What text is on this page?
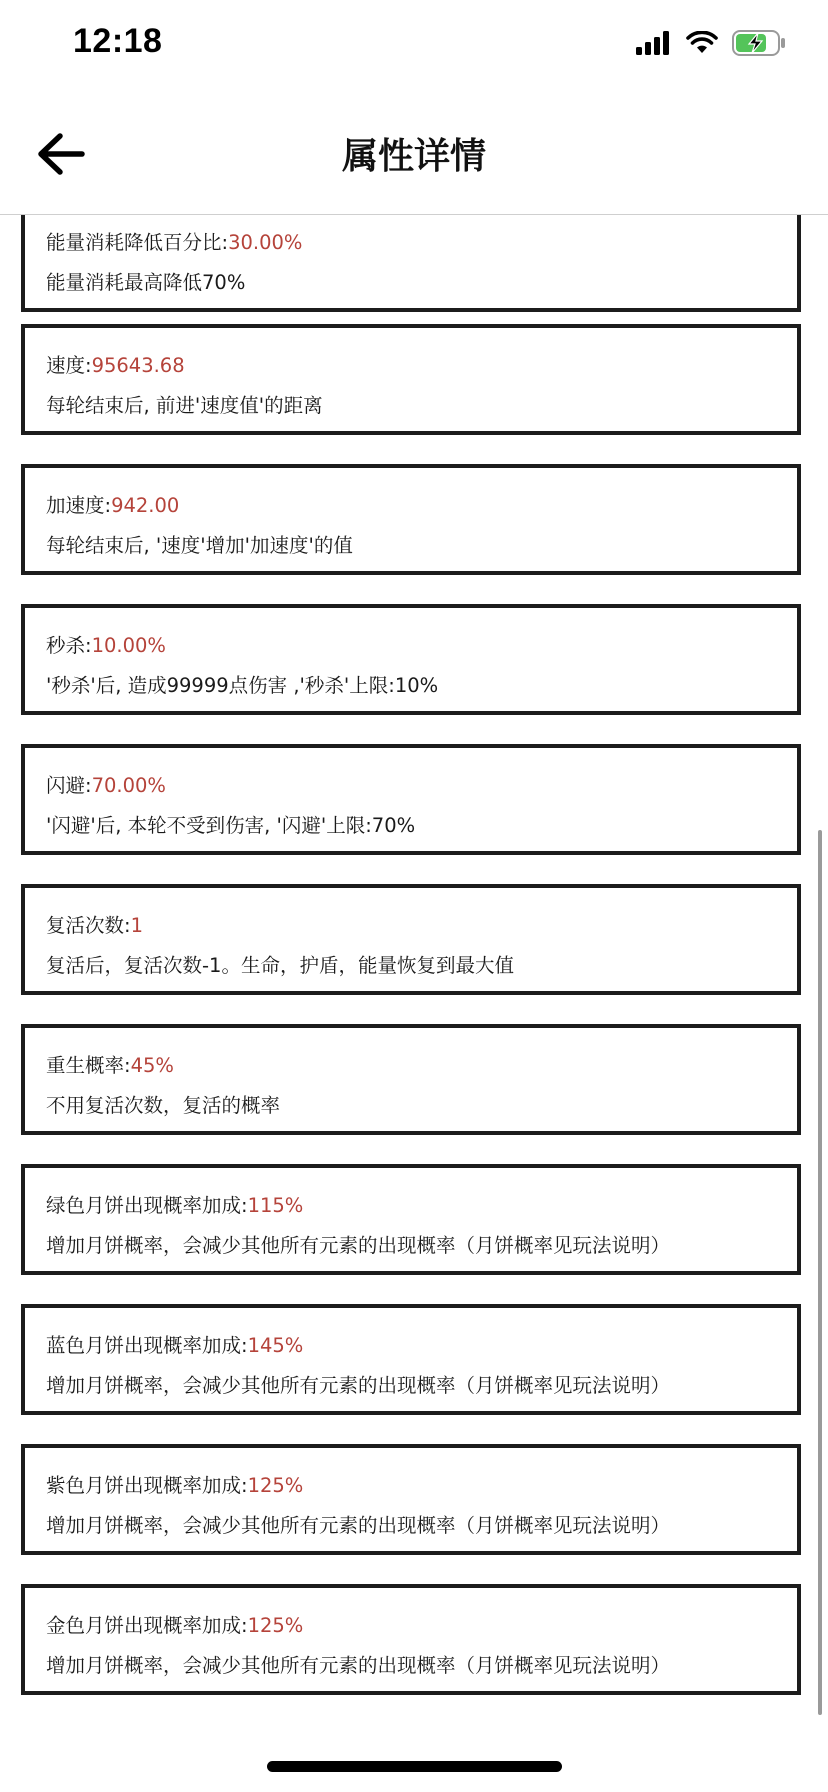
12:18
属性详情
能量消耗降低百分比:30.00%
能量消耗最高降低70%
速度:95643.68
每轮结束后, 前进'速度值'的距离
加速度:942.00
每轮结束后, '速度'增加'加速度'的值
秒杀:10.00%
'秒杀'后, 造成99999点伤害 ,'秒杀'上限:10%
闪避:70.00%
'闪避'后, 本轮不受到伤害, '闪避'上限:70%
复活次数:1
复活后，复活次数-1。生命，护盾，能量恢复到最大值
重生概率:45%
不用复活次数，复活的概率
绿色月饼出现概率加成:115%
增加月饼概率，会减少其他所有元素的出现概率（月饼概率见玩法说明）
蓝色月饼出现概率加成:145%
增加月饼概率，会减少其他所有元素的出现概率（月饼概率见玩法说明）
紫色月饼出现概率加成:125%
增加月饼概率，会减少其他所有元素的出现概率（月饼概率见玩法说明）
金色月饼出现概率加成:125%
增加月饼概率，会减少其他所有元素的出现概率（月饼概率见玩法说明）
